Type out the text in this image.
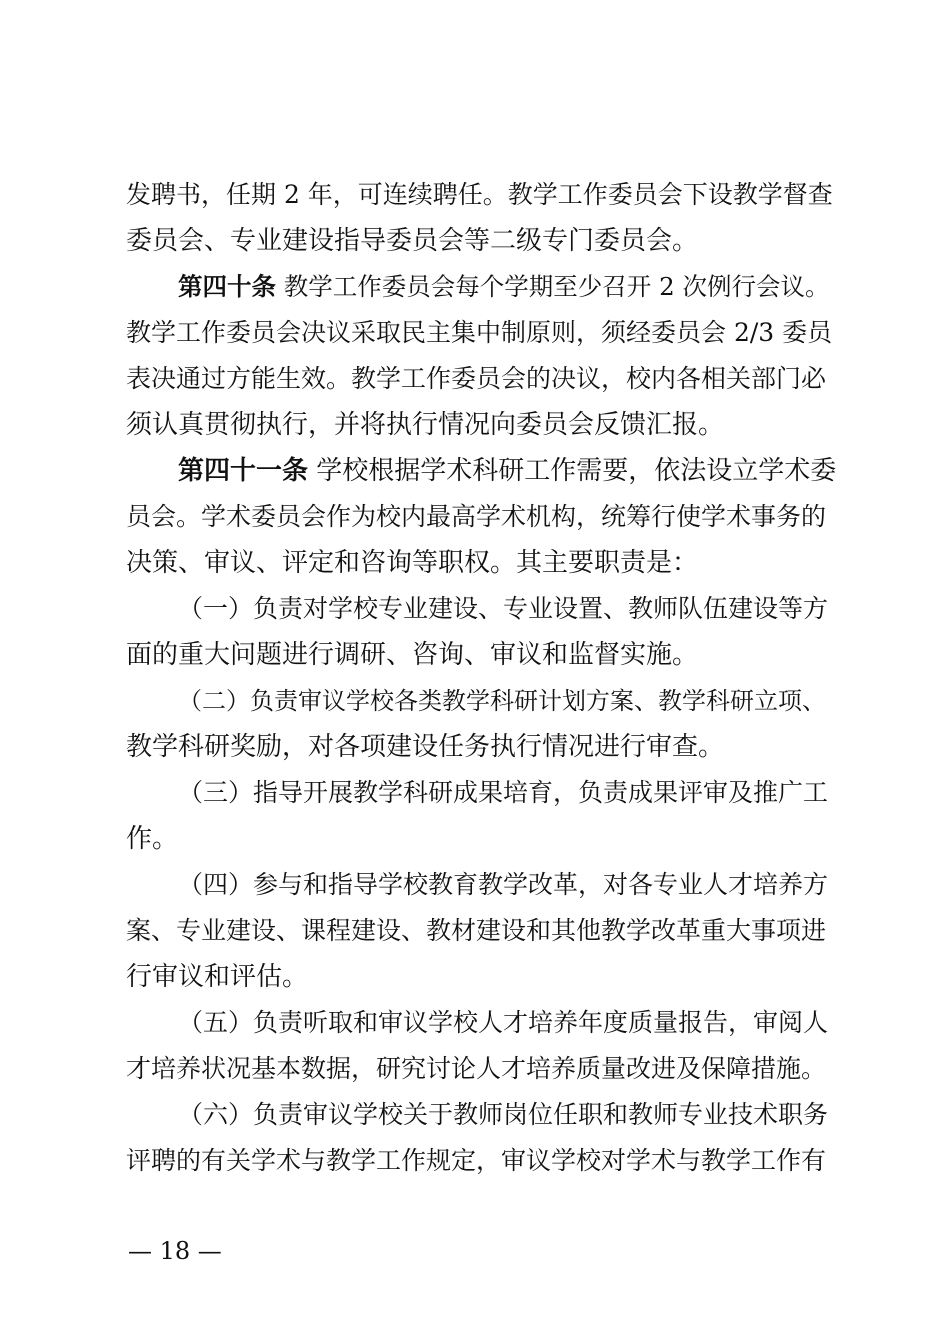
发聘书，任期 2 年，可连续聘任。教学工作委员会下设教学督查
委员会、专业建设指导委员会等二级专门委员会。
第四十条 教学工作委员会每个学期至少召开 2 次例行会议。
教学工作委员会决议采取民主集中制原则，须经委员会 2/3 委员
表决通过方能生效。教学工作委员会的决议，校内各相关部门必
须认真贯彻执行，并将执行情况向委员会反馈汇报。
第四十一条 学校根据学术科研工作需要，依法设立学术委
员会。学术委员会作为校内最高学术机构，统筹行使学术事务的
决策、审议、评定和咨询等职权。其主要职责是：
（一）负责对学校专业建设、专业设置、教师队伍建设等方
面的重大问题进行调研、咨询、审议和监督实施。
（二）负责审议学校各类教学科研计划方案、教学科研立项、
教学科研奖励，对各项建设任务执行情况进行审查。
（三）指导开展教学科研成果培育，负责成果评审及推广工
作。
（四）参与和指导学校教育教学改革，对各专业人才培养方
案、专业建设、课程建设、教材建设和其他教学改革重大事项进
行审议和评估。
（五）负责听取和审议学校人才培养年度质量报告，审阅人
才培养状况基本数据，研究讨论人才培养质量改进及保障措施。
（六）负责审议学校关于教师岗位任职和教师专业技术职务
评聘的有关学术与教学工作规定，审议学校对学术与教学工作有
— 18 —
